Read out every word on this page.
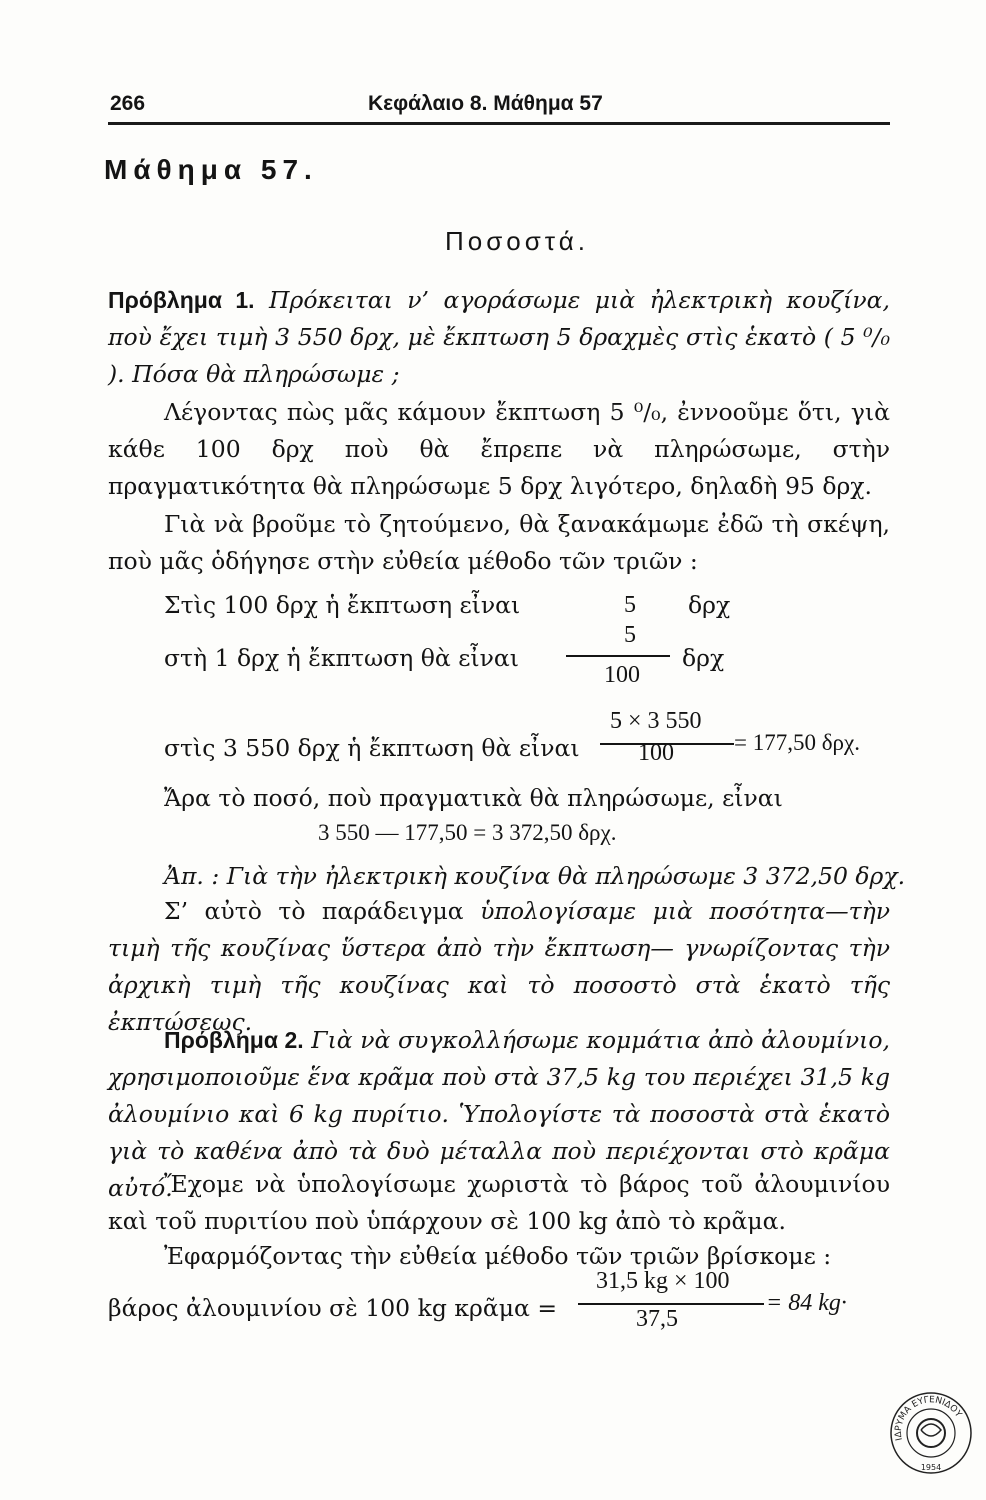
266	Κεφάλαιο 8. Μάθημα 57
Μάθημα 57.
Ποσοστά.
Πρόβλημα 1. Πρόκειται ν’ αγοράσωμε μιὰ ἠλεκτρικὴ κουζίνα, ποὺ ἔχει τιμὴ 3 550 δρχ, μὲ ἔκπτωση 5 δραχμὲς στὶς ἑκατὸ ( 5 ⁰/₀ ). Πόσα θὰ πληρώσωμε ;
Λέγοντας πὼς μᾶς κάμουν ἔκπτωση 5 ⁰/₀, ἐννοοῦμε ὅτι, γιὰ κάθε 100 δρχ ποὺ θὰ ἔπρεπε νὰ πληρώσωμε, στὴν πραγματικότητα θὰ πληρώσωμε 5 δρχ λιγότερο, δηλαδὴ 95 δρχ.
Γιὰ νὰ βροῦμε τὸ ζητούμενο, θὰ ξανακάμωμε ἐδῶ τὴ σκέψη, ποὺ μᾶς ὁδήγησε στὴν εὐθεία μέθοδο τῶν τριῶν :
Στὶς 100 δρχ ἡ ἔκπτωση εἶναι	5 δρχ
στὴ 1 δρχ ἡ ἔκπτωση θὰ εἶναι
5
100
δρχ
στὶς 3 550 δρχ ἡ ἔκπτωση θὰ εἶναι
5 × 3 550
100	= 177,50 δρχ.
Ἄρα τὸ ποσό, ποὺ πραγματικὰ θὰ πληρώσωμε, εἶναι
3 550 — 177,50 = 3 372,50 δρχ.
Ἀπ. : Γιὰ τὴν ἠλεκτρικὴ κουζίνα θὰ πληρώσωμε 3 372,50 δρχ.
Σ’ αὐτὸ τὸ παράδειγμα ὑπολογίσαμε μιὰ ποσότητα—τὴν τιμὴ τῆς κουζίνας ὕστερα ἀπὸ τὴν ἔκπτωση— γνωρίζοντας τὴν ἀρχικὴ τιμὴ τῆς κουζίνας καὶ τὸ ποσοστὸ στὰ ἑκατὸ τῆς ἐκπτώσεως.
Πρόβλημα 2. Γιὰ νὰ συγκολλήσωμε κομμάτια ἀπὸ ἀλουμίνιο, χρησιμοποιοῦμε ἕνα κρᾶμα ποὺ στὰ 37,5 kg του περιέχει 31,5 kg ἀλουμίνιο καὶ 6 kg πυρίτιο. Ὑπολογίστε τὰ ποσοστὰ στὰ ἑκατὸ γιὰ τὸ καθένα ἀπὸ τὰ δυὸ μέταλλα ποὺ περιέχονται στὸ κρᾶμα αὐτό.
Ἔχομε νὰ ὑπολογίσωμε χωριστὰ τὸ βάρος τοῦ ἀλουμινίου καὶ τοῦ πυριτίου ποὺ ὑπάρχουν σὲ 100 kg ἀπὸ τὸ κρᾶμα.
Ἐφαρμόζοντας τὴν εὐθεία μέθοδο τῶν τριῶν βρίσκομε :
βάρος ἀλουμινίου σὲ 100 kg κρᾶμα =
31,5 kg × 100
37,5
= 84 kg·
ΙΔΡΥΜΑ ΕΥΓΕΝΙΔΟΥ
1954
